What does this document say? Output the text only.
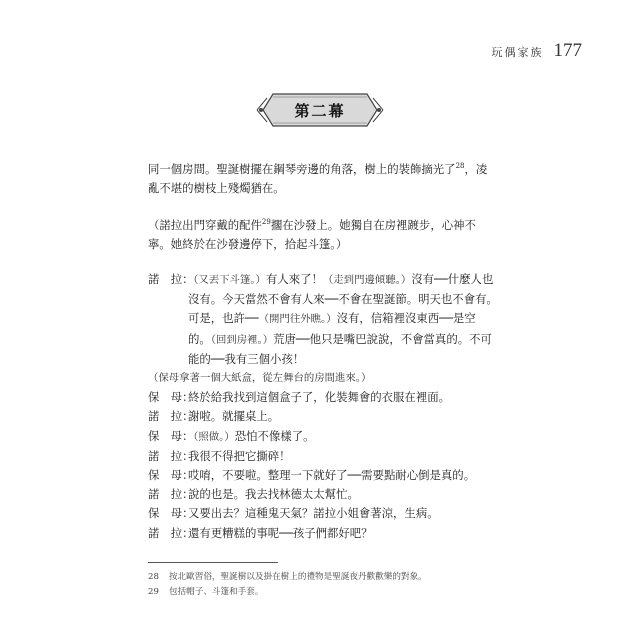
玩偶家族 177
第二幕
同一個房間。聖誕樹擺在鋼琴旁邊的角落，樹上的裝飾摘光了$^{28}$，凌亂不堪的樹枝上殘燭猶在。
（諾拉出門穿戴的配件$^{29}$擱在沙發上。她獨自在房裡踱步，心神不寧。她終於在沙發邊停下，拾起斗篷。）
諾　拉：
（又丟下斗篷。）有人來了！（走到門邊傾聽。）沒有──什麼人也沒有。今天當然不會有人來──不會在聖誕節。明天也不會有。可是，也許──（開門往外瞧。）沒有，信箱裡沒東西──是空的。（回到房裡。）荒唐──他只是嘴巴說說，不會當真的。不可能的──我有三個小孩！
（保母拿著一個大紙盒，從左舞台的房間進來。）
保　母：
終於給我找到這個盒子了，化裝舞會的衣服在裡面。
諾　拉：
謝啦。就擺桌上。
保　母：
（照做。）恐怕不像樣了。
諾　拉：
我很不得把它撕碎！
保　母：
哎唷，不要啦。整理一下就好了──需要點耐心倒是真的。
諾　拉：
說的也是。我去找林德太太幫忙。
保　母：
又要出去？這種鬼天氣？諾拉小姐會著涼，生病。
諾　拉：
還有更糟糕的事呢──孩子們都好吧？
28 按北歐習俗，聖誕樹以及掛在樹上的禮物是聖誕夜丹歡歡樂的對象。
29 包括帽子、斗篷和手套。
